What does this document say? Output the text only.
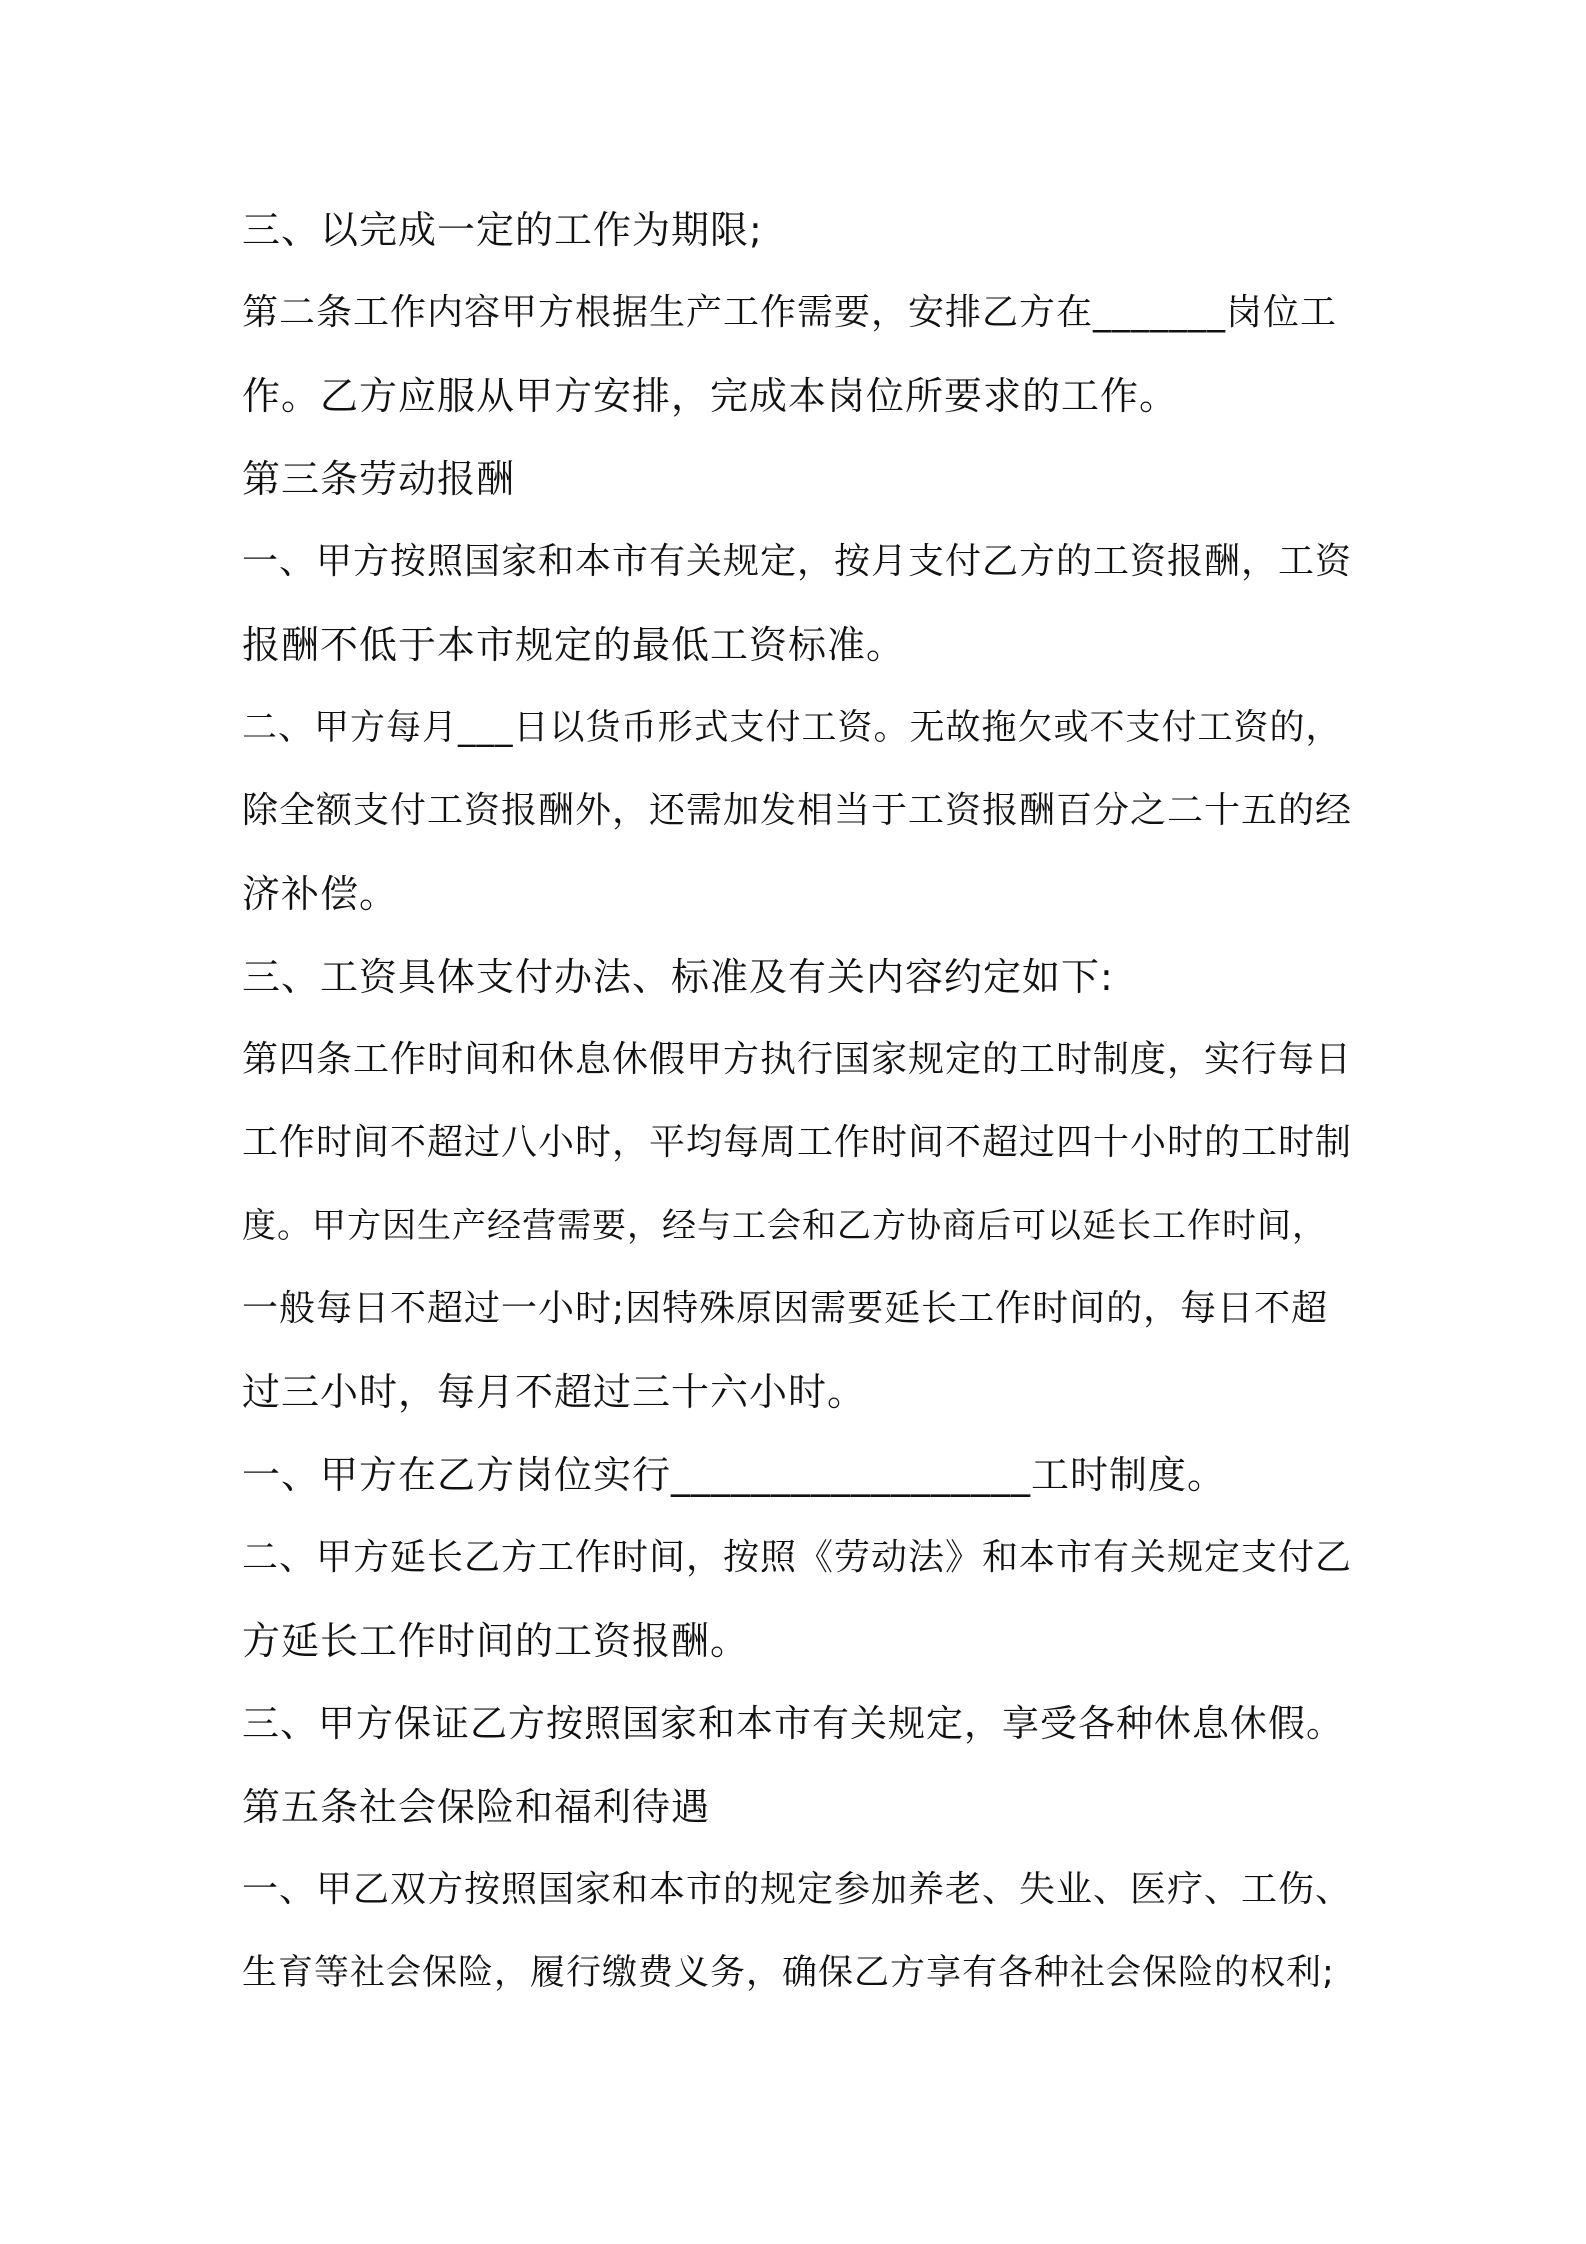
三、以完成一定的工作为期限;
第二条工作内容甲方根据生产工作需要，安排乙方在_______岗位工
作。乙方应服从甲方安排，完成本岗位所要求的工作。
第三条劳动报酬
一、甲方按照国家和本市有关规定，按月支付乙方的工资报酬，工资
报酬不低于本市规定的最低工资标准。
二、甲方每月___日以货币形式支付工资。无故拖欠或不支付工资的，
除全额支付工资报酬外，还需加发相当于工资报酬百分之二十五的经
济补偿。
三、工资具体支付办法、标准及有关内容约定如下:
第四条工作时间和休息休假甲方执行国家规定的工时制度，实行每日
工作时间不超过八小时，平均每周工作时间不超过四十小时的工时制
度。甲方因生产经营需要，经与工会和乙方协商后可以延长工作时间，
一般每日不超过一小时;因特殊原因需要延长工作时间的，每日不超
过三小时，每月不超过三十六小时。
一、甲方在乙方岗位实行__________________工时制度。
二、甲方延长乙方工作时间，按照《劳动法》和本市有关规定支付乙
方延长工作时间的工资报酬。
三、甲方保证乙方按照国家和本市有关规定，享受各种休息休假。
第五条社会保险和福利待遇
一、甲乙双方按照国家和本市的规定参加养老、失业、医疗、工伤、
生育等社会保险，履行缴费义务，确保乙方享有各种社会保险的权利;
